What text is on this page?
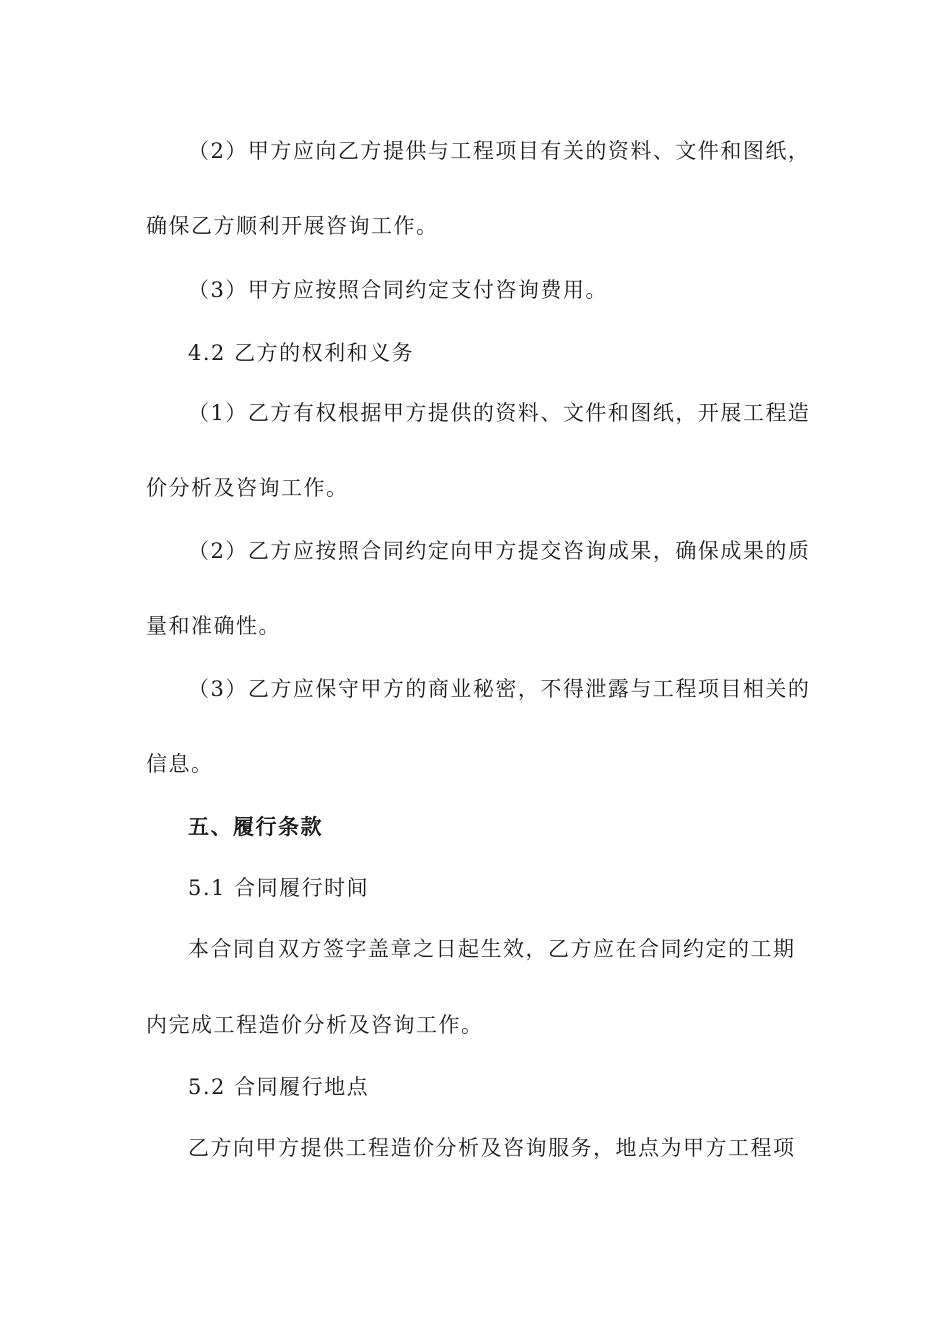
（2）甲方应向乙方提供与工程项目有关的资料、文件和图纸，
确保乙方顺利开展咨询工作。
（3）甲方应按照合同约定支付咨询费用。
4.2 乙方的权利和义务
（1）乙方有权根据甲方提供的资料、文件和图纸，开展工程造
价分析及咨询工作。
（2）乙方应按照合同约定向甲方提交咨询成果，确保成果的质
量和准确性。
（3）乙方应保守甲方的商业秘密，不得泄露与工程项目相关的
信息。
五、履行条款
5.1 合同履行时间
本合同自双方签字盖章之日起生效，乙方应在合同约定的工期
内完成工程造价分析及咨询工作。
5.2 合同履行地点
乙方向甲方提供工程造价分析及咨询服务，地点为甲方工程项
